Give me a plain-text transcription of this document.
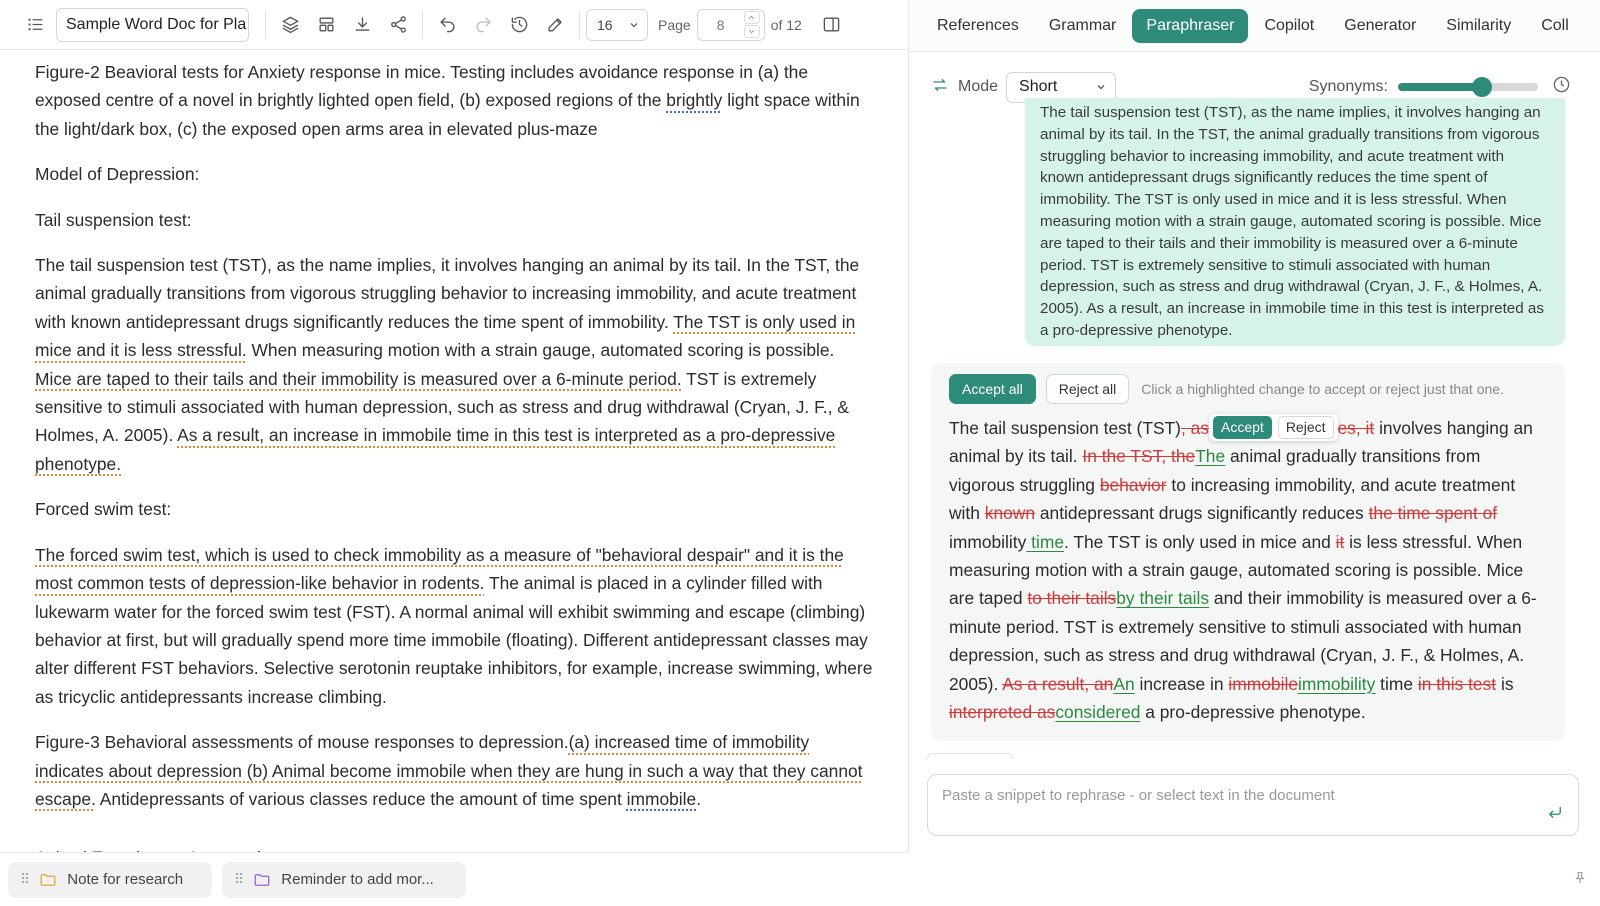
Sample Word Doc for Pla	16	Page	8	of 12

Figure-2 Beavioral tests for Anxiety response in mice. Testing includes avoidance response in (a) the exposed centre of a novel in brightly lighted open field, (b) exposed regions of the brightly light space within the light/dark box, (c) the exposed open arms area in elevated plus-maze

Model of Depression:

Tail suspension test:

The tail suspension test (TST), as the name implies, it involves hanging an animal by its tail. In the TST, the animal gradually transitions from vigorous struggling behavior to increasing immobility, and acute treatment with known antidepressant drugs significantly reduces the time spent of immobility. The TST is only used in mice and it is less stressful. When measuring motion with a strain gauge, automated scoring is possible. Mice are taped to their tails and their immobility is measured over a 6-minute period. TST is extremely sensitive to stimuli associated with human depression, such as stress and drug withdrawal (Cryan, J. F., & Holmes, A. 2005). As a result, an increase in immobile time in this test is interpreted as a pro-depressive phenotype.

Forced swim test:

The forced swim test, which is used to check immobility as a measure of "behavioral despair" and it is the most common tests of depression-like behavior in rodents. The animal is placed in a cylinder filled with lukewarm water for the forced swim test (FST). A normal animal will exhibit swimming and escape (climbing) behavior at first, but will gradually spend more time immobile (floating). Different antidepressant classes may alter different FST behaviors. Selective serotonin reuptake inhibitors, for example, increase swimming, where as tricyclic antidepressants increase climbing.

Figure-3 Behavioral assessments of mouse responses to depression.(a) increased time of immobility indicates about depression (b) Animal become immobile when they are hung in such a way that they cannot escape. Antidepressants of various classes reduce the amount of time spent immobile.

⠿	Note for research	⠿	Reminder to add mor...
References	Grammar	Paraphraser	Copilot	Generator	Similarity	Coll
Mode Short	Synonyms:
The tail suspension test (TST), as the name implies, it involves hanging an animal by its tail. In the TST, the animal gradually transitions from vigorous struggling behavior to increasing immobility, and acute treatment with known antidepressant drugs significantly reduces the time spent of immobility. The TST is only used in mice and it is less stressful. When measuring motion with a strain gauge, automated scoring is possible. Mice are taped to their tails and their immobility is measured over a 6-minute period. TST is extremely sensitive to stimuli associated with human depression, such as stress and drug withdrawal (Cryan, J. F., & Holmes, A. 2005). As a result, an increase in immobile time in this test is interpreted as a pro-depressive phenotype.
Accept all	Reject all	Click a highlighted change to accept or reject just that one.
The tail suspension test (TST), as Accept	Reject es, it involves hanging an animal by its tail. In the TST, theThe animal gradually transitions from vigorous struggling behavior to increasing immobility, and acute treatment with known antidepressant drugs significantly reduces the time spent of immobility time. The TST is only used in mice and it is less stressful. When measuring motion with a strain gauge, automated scoring is possible. Mice are taped to their tailsby their tails and their immobility is measured over a 6-minute period. TST is extremely sensitive to stimuli associated with human depression, such as stress and drug withdrawal (Cryan, J. F., & Holmes, A. 2005). As a result, anAn increase in immobileimmobility time in this test is interpreted asconsidered a pro-depressive phenotype.
Paste a snippet to rephrase - or select text in the document
